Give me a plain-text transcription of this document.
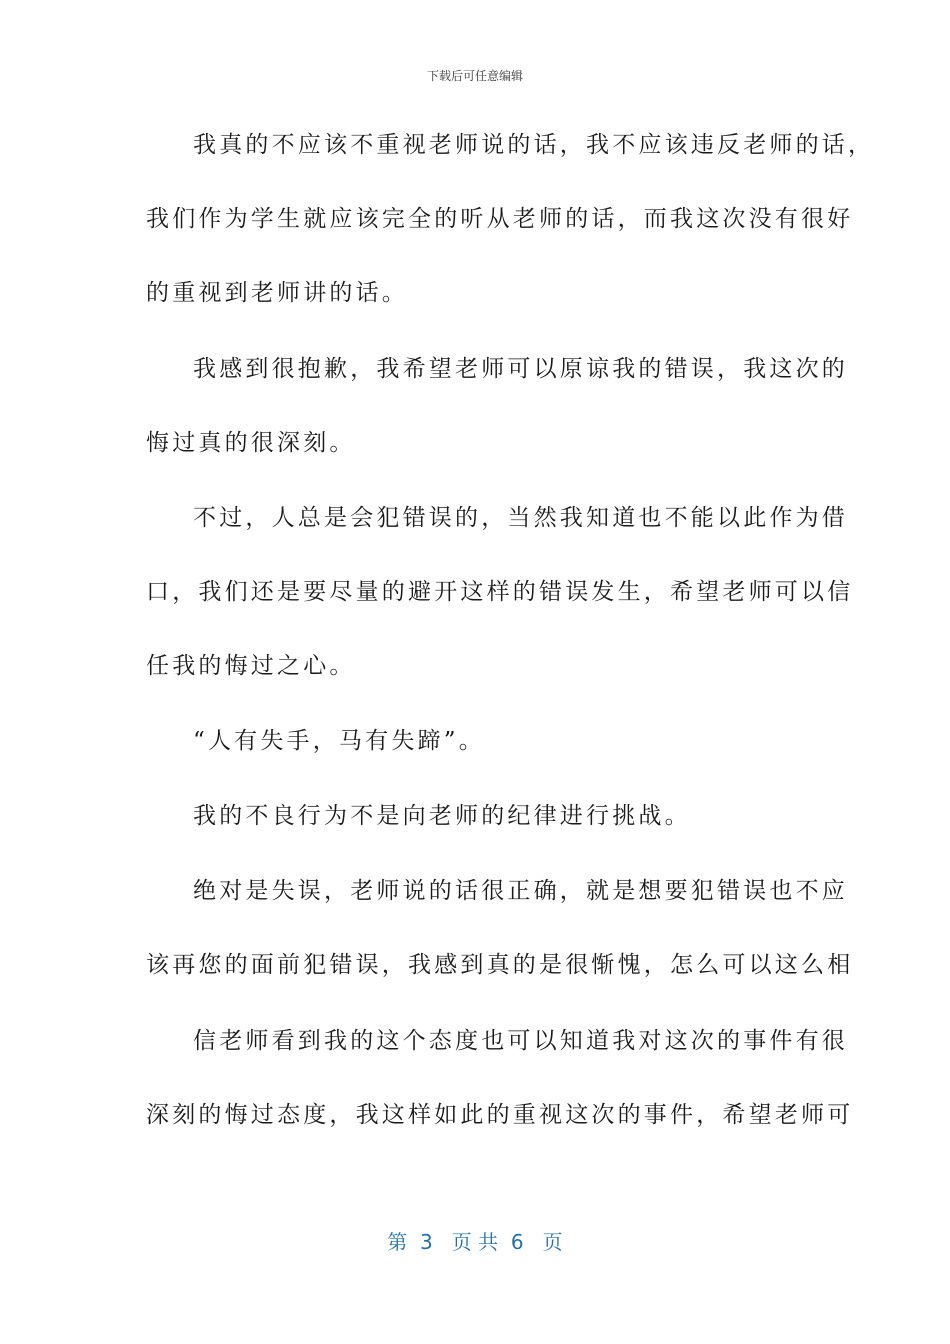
下载后可任意编辑
我真的不应该不重视老师说的话，我不应该违反老师的话，
我们作为学生就应该完全的听从老师的话，而我这次没有很好
的重视到老师讲的话。
我感到很抱歉，我希望老师可以原谅我的错误，我这次的
悔过真的很深刻。
不过，人总是会犯错误的，当然我知道也不能以此作为借
口，我们还是要尽量的避开这样的错误发生，希望老师可以信
任我的悔过之心。
“人有失手，马有失蹄”。
我的不良行为不是向老师的纪律进行挑战。
绝对是失误，老师说的话很正确，就是想要犯错误也不应
该再您的面前犯错误，我感到真的是很惭愧，怎么可以这么相
信老师看到我的这个态度也可以知道我对这次的事件有很
深刻的悔过态度，我这样如此的重视这次的事件，希望老师可
第  3   页 共  6   页
